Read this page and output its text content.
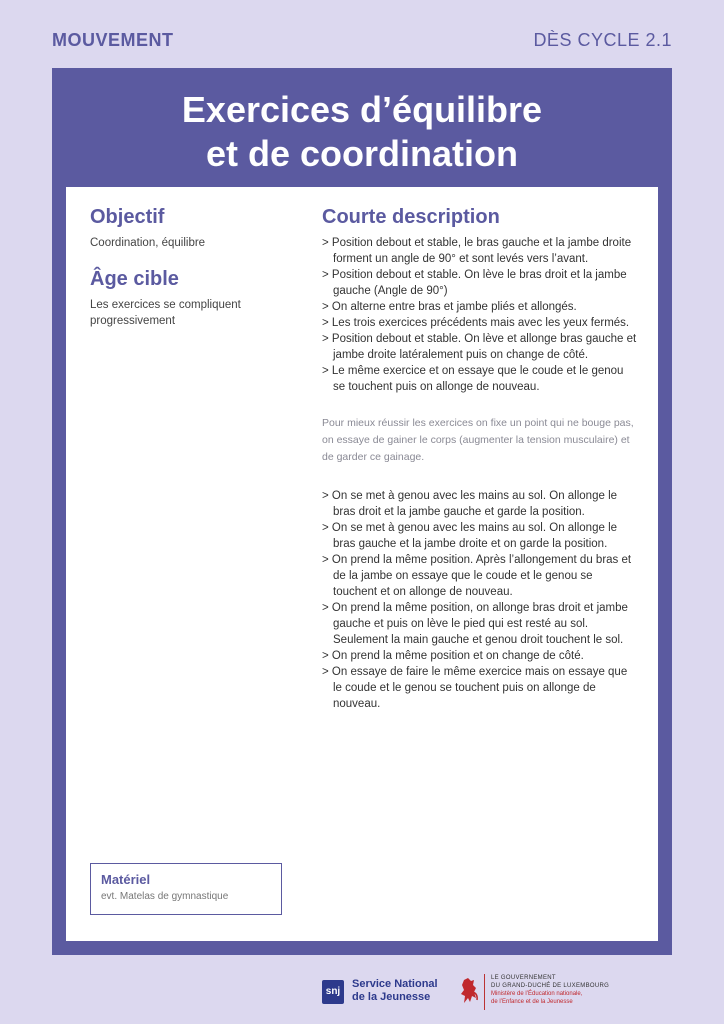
MOUVEMENT	DÈS CYCLE 2.1
Exercices d’équilibre
et de coordination
Objectif

Coordination, équilibre

Âge cible

Les exercices se compliquent progressivement

Courte description
> Position debout et stable, le bras gauche et la jambe droite forment un angle de 90° et sont levés vers l’avant.
> Position debout et stable. On lève le bras droit et la jambe gauche (Angle de 90°)
> On alterne entre bras et jambe pliés et allongés.
> Les trois exercices précédents mais avec les yeux fermés.
> Position debout et stable. On lève et allonge bras gauche et jambe droite latéralement puis on change de côté.
> Le même exercice et on essaye que le coude et le genou se touchent puis on allonge de nouveau.

Pour mieux réussir les exercices on fixe un point qui ne bouge pas, on essaye de gainer le corps (augmenter la tension musculaire) et de garder ce gainage.

> On se met à genou avec les mains au sol. On allonge le bras droit et la jambe gauche et garde la position.
> On se met à genou avec les mains au sol. On allonge le bras gauche et la jambe droite et on garde la position.
> On prend la même position. Après l’allongement du bras et de la jambe on essaye que le coude et le genou se touchent et on allonge de nouveau.
> On prend la même position, on allonge bras droit et jambe gauche et puis on lève le pied qui est resté au sol. Seulement la main gauche et genou droit touchent le sol.
> On prend la même position et on change de côté.
> On essaye de faire le même exercice mais on essaye que le coude et le genou se touchent puis on allonge de nouveau.

Matériel

evt. Matelas de gymnastique

snj
Service National
de la Jeunesse
LE GOUVERNEMENT
DU GRAND-DUCHÉ DE LUXEMBOURG
Ministère de l’Éducation nationale,
de l’Enfance et de la Jeunesse
